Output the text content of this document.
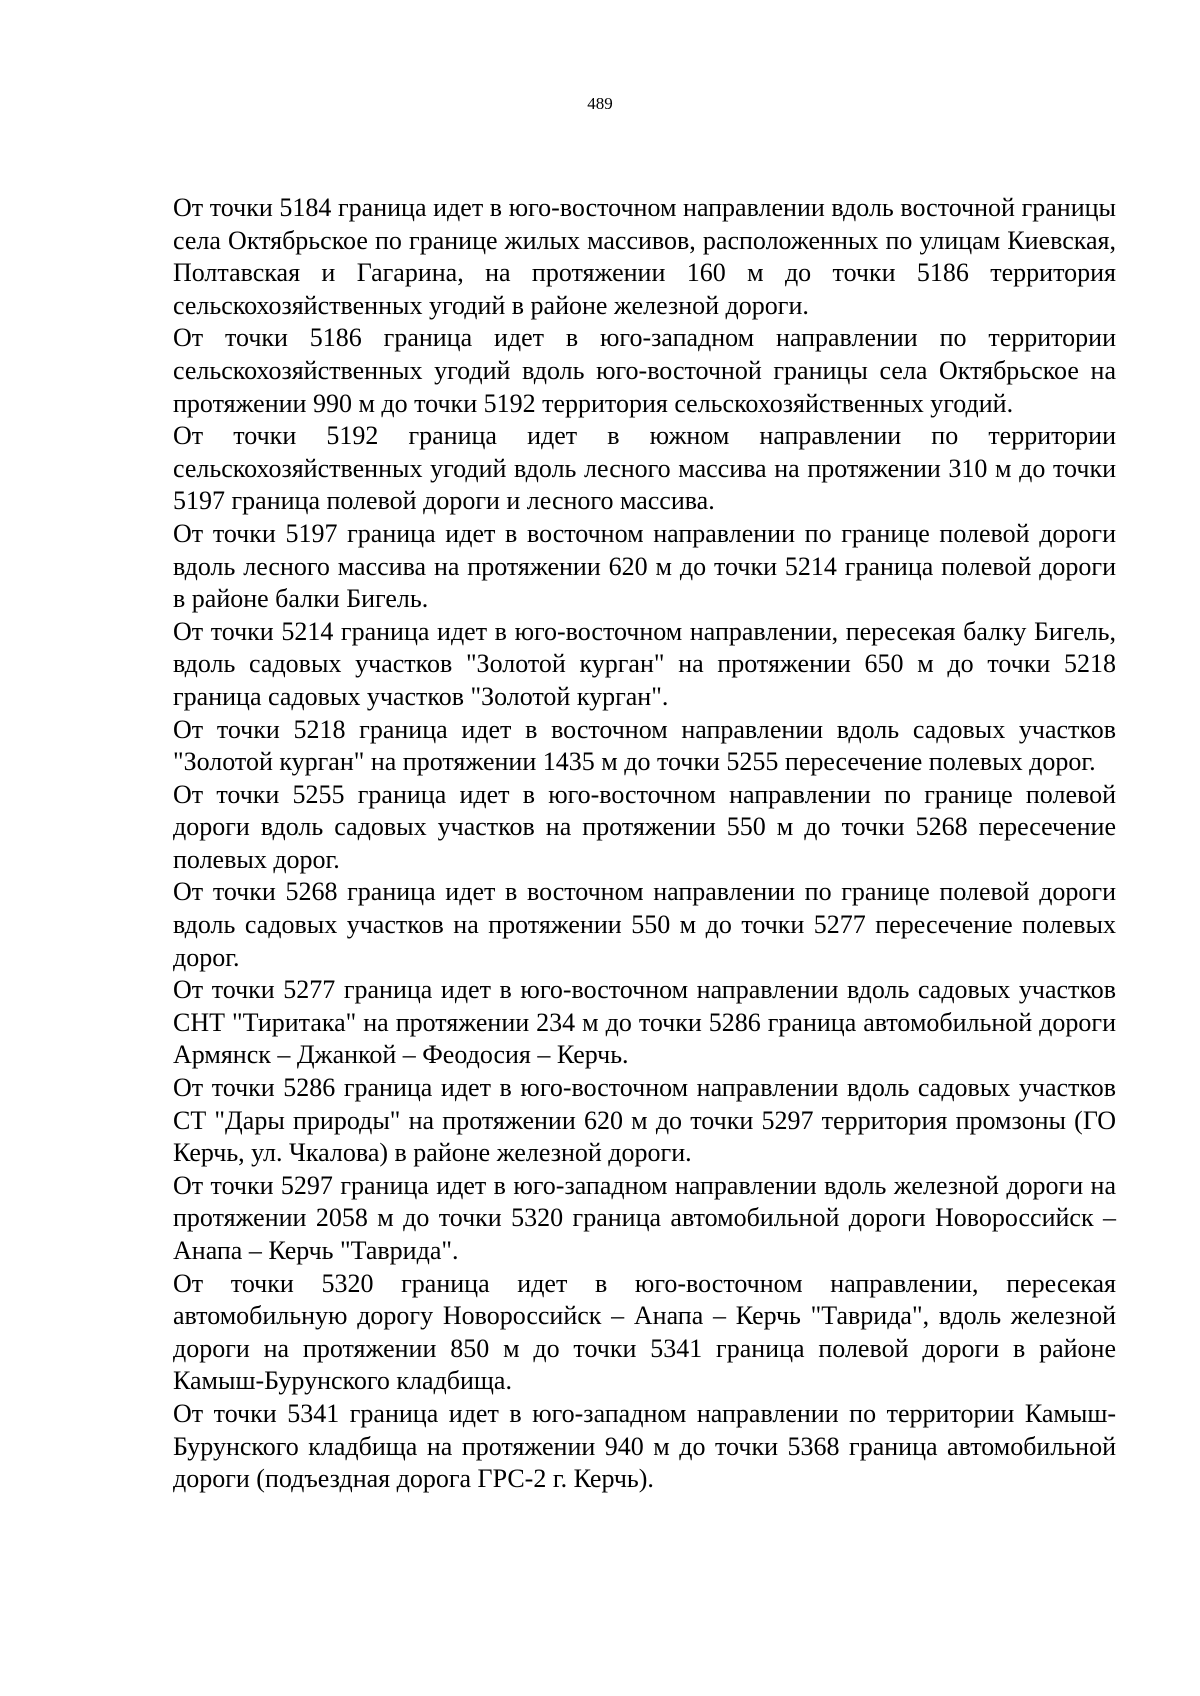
489

От точки 5184 граница идет в юго-восточном направлении вдоль восточной границы села Октябрьское по границе жилых массивов, расположенных по улицам Киевская, Полтавская и Гагарина, на протяжении 160 м до точки 5186 территория сельскохозяйственных угодий в районе железной дороги.

От точки 5186 граница идет в юго-западном направлении по территории сельскохозяйственных угодий вдоль юго-восточной границы села Октябрьское на протяжении 990 м до точки 5192 территория сельскохозяйственных угодий.

От точки 5192 граница идет в южном направлении по территории сельскохозяйственных угодий вдоль лесного массива на протяжении 310 м до точки 5197 граница полевой дороги и лесного массива.

От точки 5197 граница идет в восточном направлении по границе полевой дороги вдоль лесного массива на протяжении 620 м до точки 5214 граница полевой дороги в районе балки Бигель.

От точки 5214 граница идет в юго-восточном направлении, пересекая балку Бигель, вдоль садовых участков "Золотой курган" на протяжении 650 м до точки 5218 граница садовых участков "Золотой курган".

От точки 5218 граница идет в восточном направлении вдоль садовых участков "Золотой курган" на протяжении 1435 м до точки 5255 пересечение полевых дорог.

От точки 5255 граница идет в юго-восточном направлении по границе полевой дороги вдоль садовых участков на протяжении 550 м до точки 5268 пересечение полевых дорог.

От точки 5268 граница идет в восточном направлении по границе полевой дороги вдоль садовых участков на протяжении 550 м до точки 5277 пересечение полевых дорог.

От точки 5277 граница идет в юго-восточном направлении вдоль садовых участков СНТ "Тиритака" на протяжении 234 м до точки 5286 граница автомобильной дороги Армянск – Джанкой – Феодосия – Керчь.

От точки 5286 граница идет в юго-восточном направлении вдоль садовых участков СТ "Дары природы" на протяжении 620 м до точки 5297 территория промзоны (ГО Керчь, ул. Чкалова) в районе железной дороги.

От точки 5297 граница идет в юго-западном направлении вдоль железной дороги на протяжении 2058 м до точки 5320 граница автомобильной дороги Новороссийск – Анапа – Керчь "Таврида".

От точки 5320 граница идет в юго-восточном направлении, пересекая автомобильную дорогу Новороссийск – Анапа – Керчь "Таврида", вдоль железной дороги на протяжении 850 м до точки 5341 граница полевой дороги в районе Камыш-Бурунского кладбища.

От точки 5341 граница идет в юго-западном направлении по территории Камыш-Бурунского кладбища на протяжении 940 м до точки 5368 граница автомобильной дороги (подъездная дорога ГРС-2 г. Керчь).
